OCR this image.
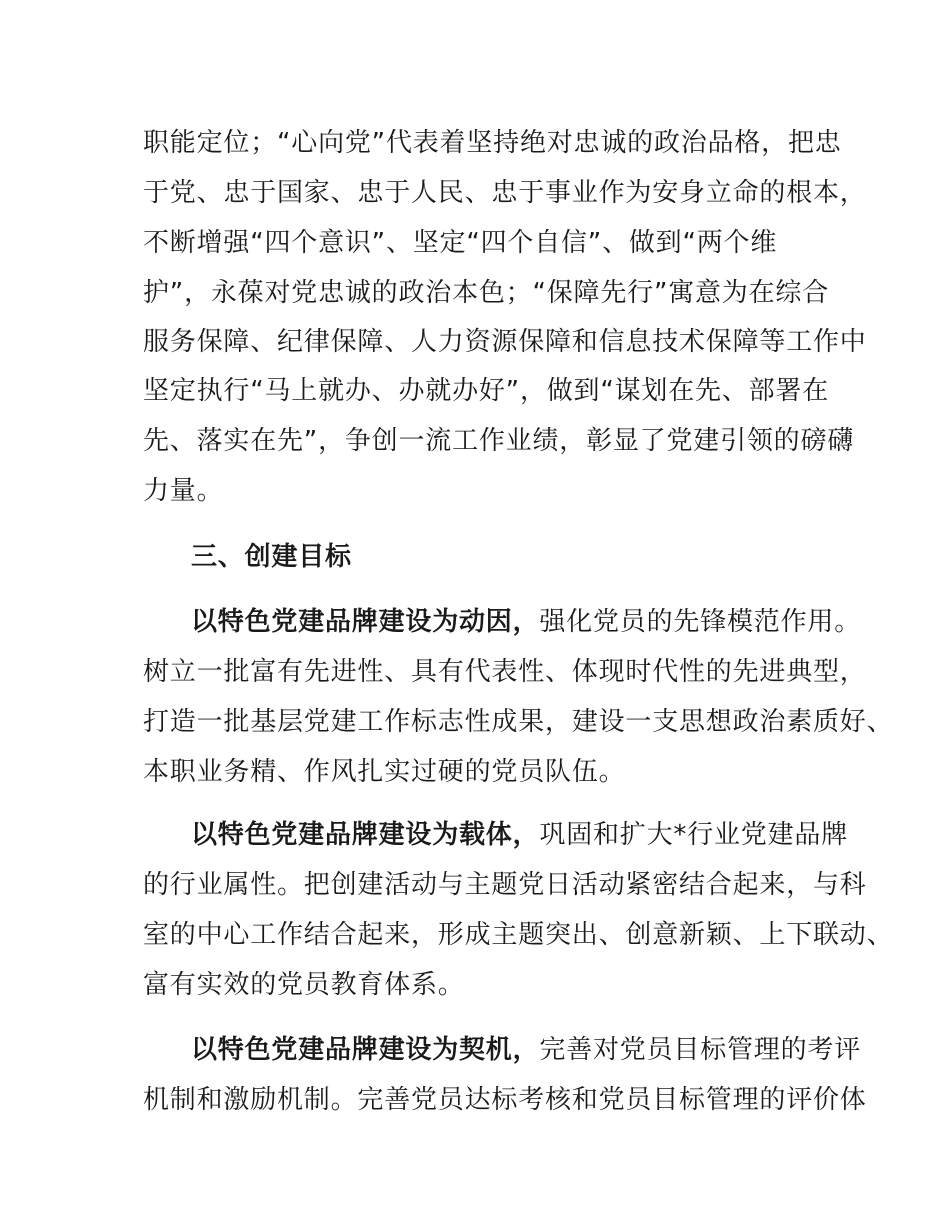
职能定位；“心向党”代表着坚持绝对忠诚的政治品格，把忠
于党、忠于国家、忠于人民、忠于事业作为安身立命的根本，
不断增强“四个意识”、坚定“四个自信”、做到“两个维
护”，永葆对党忠诚的政治本色；“保障先行”寓意为在综合
服务保障、纪律保障、人力资源保障和信息技术保障等工作中
坚定执行“马上就办、办就办好”，做到“谋划在先、部署在
先、落实在先”，争创一流工作业绩，彰显了党建引领的磅礴
力量。
三、创建目标
以特色党建品牌建设为动因，强化党员的先锋模范作用。
树立一批富有先进性、具有代表性、体现时代性的先进典型，
打造一批基层党建工作标志性成果，建设一支思想政治素质好、
本职业务精、作风扎实过硬的党员队伍。
以特色党建品牌建设为载体，巩固和扩大*行业党建品牌
的行业属性。把创建活动与主题党日活动紧密结合起来，与科
室的中心工作结合起来，形成主题突出、创意新颖、上下联动、
富有实效的党员教育体系。
以特色党建品牌建设为契机，完善对党员目标管理的考评
机制和激励机制。完善党员达标考核和党员目标管理的评价体
